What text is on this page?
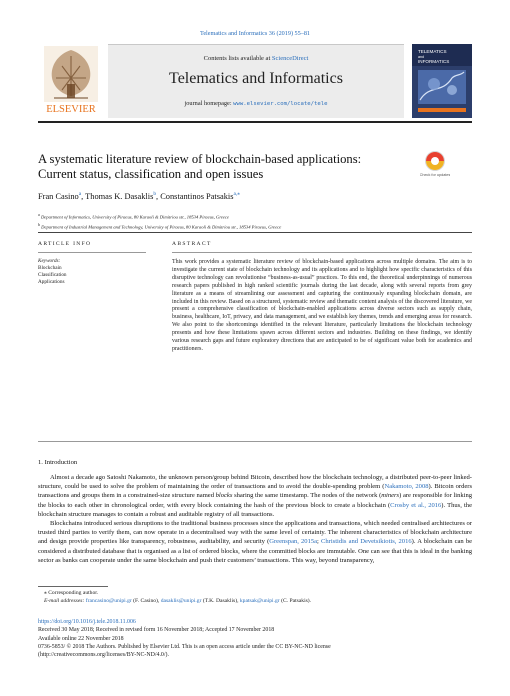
Telematics and Informatics 36 (2019) 55–81
ELSEVIER
Contents lists available at ScienceDirect
Telematics and Informatics
journal homepage: www.elsevier.com/locate/tele
TELEMATICS
and
INFORMATICS
A systematic literature review of blockchain-based applications: Current status, classification and open issues	Check for updates
Fran Casino$^a$, Thomas K. Dasaklis$^b$, Constantinos Patsakis$^{a,⁎}$
$^a$ Department of Informatics, University of Piraeus, 80 Karaoli & Dimitriou str., 18534 Piraeus, Greece
$^b$ Department of Industrial Management and Technology, University of Piraeus, 80 Karaoli & Dimitriou str., 18534 Piraeus, Greece
ARTICLE INFO	ABSTRACT
Keywords:
Blockchain
Classification
Applications
This work provides a systematic literature review of blockchain-based applications across multiple domains. The aim is to investigate the current state of blockchain technology and its applications and to highlight how specific characteristics of this disruptive technology can revolutionise “business-as-usual” practices. To this end, the theoretical underpinnings of numerous research papers published in high ranked scientific journals during the last decade, along with several reports from grey literature as a means of streamlining our assessment and capturing the continuously expanding blockchain domain, are included in this review. Based on a structured, systematic review and thematic content analysis of the discovered literature, we present a comprehensive classification of blockchain-enabled applications across diverse sectors such as supply chain, business, healthcare, IoT, privacy, and data management, and we establish key themes, trends and emerging areas for research. We also point to the shortcomings identified in the relevant literature, particularly limitations the blockchain technology presents and how these limitations spawn across different sectors and industries. Building on these findings, we identify various research gaps and future exploratory directions that are anticipated to be of significant value both for academics and practitioners.
1. Introduction

Almost a decade ago Satoshi Nakamoto, the unknown person/group behind Bitcoin, described how the blockchain technology, a distributed peer-to-peer linked-structure, could be used to solve the problem of maintaining the order of transactions and to avoid the double-spending problem (Nakamoto, 2008). Bitcoin orders transactions and groups them in a constrained-size structure named blocks sharing the same timestamp. The nodes of the network (miners) are responsible for linking the blocks to each other in chronological order, with every block containing the hash of the previous block to create a blockchain (Crosby et al., 2016). Thus, the blockchain structure manages to contain a robust and auditable registry of all transactions.

Blockchains introduced serious disruptions to the traditional business processes since the applications and transactions, which needed centralised architectures or trusted third parties to verify them, can now operate in a decentralised way with the same level of certainty. The inherent characteristics of blockchain architecture and design provide properties like transparency, robustness, auditability, and security (Greenspan, 2015a; Christidis and Devetsikiotis, 2016). A blockchain can be considered a distributed database that is organised as a list of ordered blocks, where the committed blocks are immutable. One can see that this is ideal in the banking sector as banks can cooperate under the same blockchain and push their customers’ transactions. This way, beyond transparency,

⁎ Corresponding author.
E-mail addresses: francasino@unipi.gr (F. Casino), dasaklis@unipi.gr (T.K. Dasaklis), kpatsak@unipi.gr (C. Patsakis).
https://doi.org/10.1016/j.tele.2018.11.006
Received 30 May 2018; Received in revised form 16 November 2018; Accepted 17 November 2018
Available online 22 November 2018
0736-5853/ © 2018 The Authors. Published by Elsevier Ltd. This is an open access article under the CC BY-NC-ND license
(http://creativecommons.org/licenses/BY-NC-ND/4.0/).
